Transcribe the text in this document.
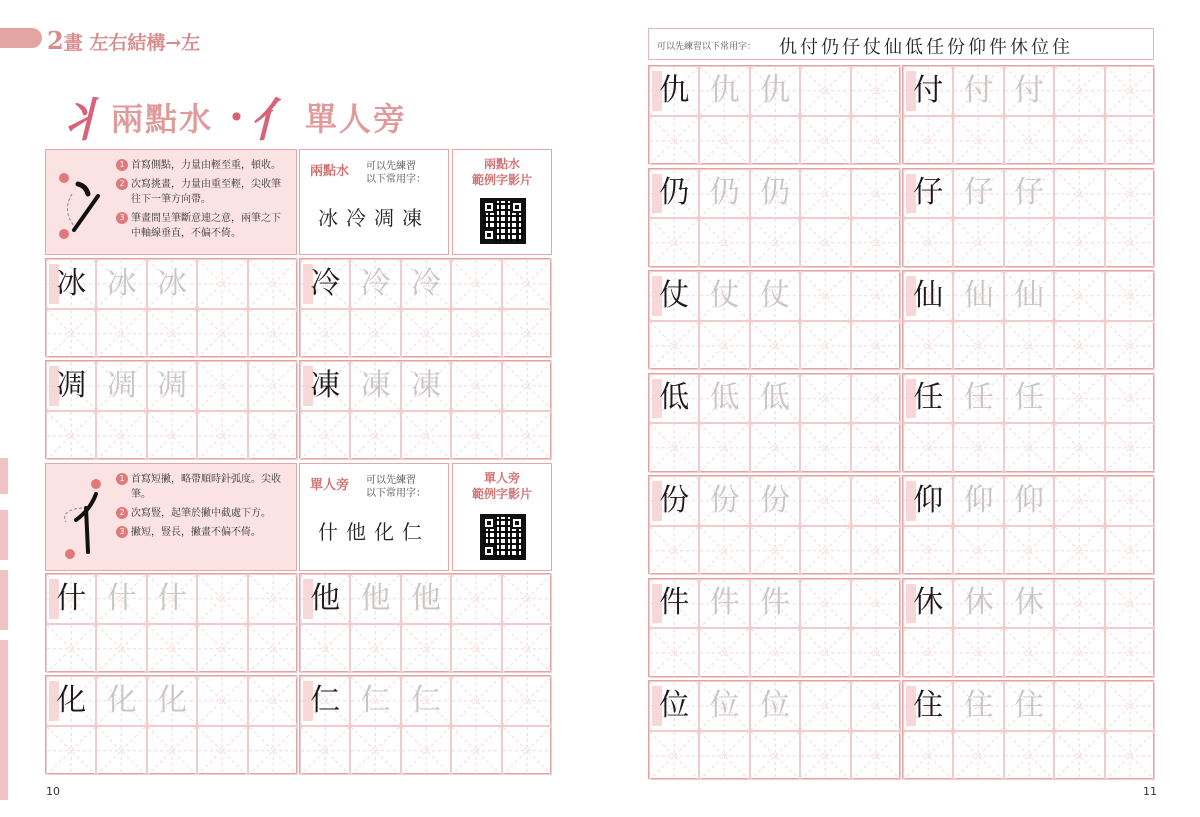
2畫 左右結構→左
丬 兩點水 • 亻 單人旁
1 首寫側點，力量由輕至重，頓收。
2 次寫挑畫，力量由重至輕，尖收筆往下一筆方向帶。
3 筆畫間呈筆斷意連之意，兩筆之下中軸線垂直，不偏不倚。
兩點水 可以先練習
以下常用字：
冰冷凋凍
兩點水
範例字影片
1 首寫短撇，略帶順時針弧度。尖收筆。
2 次寫豎，起筆於撇中截處下方。
3 撇短，豎長，撇畫不偏不倚。
單人旁 可以先練習
以下常用字：
什他化仁
單人旁
範例字影片
10
可以先練習以下常用字： 仇付仍仔仗仙低任份仰件休位住
11
冰 冰 冰	冷 冷 冷
凋 凋 凋	凍 凍 凍
什 什 什	他 他 他
化 化 化	仁 仁 仁
仇 仇 仇	付 付 付
仍 仍 仍	仔 仔 仔
仗 仗 仗	仙 仙 仙
低 低 低	任 任 任
份 份 份	仰 仰 仰
件 件 件	休 休 休
位 位 位	住 住 住
